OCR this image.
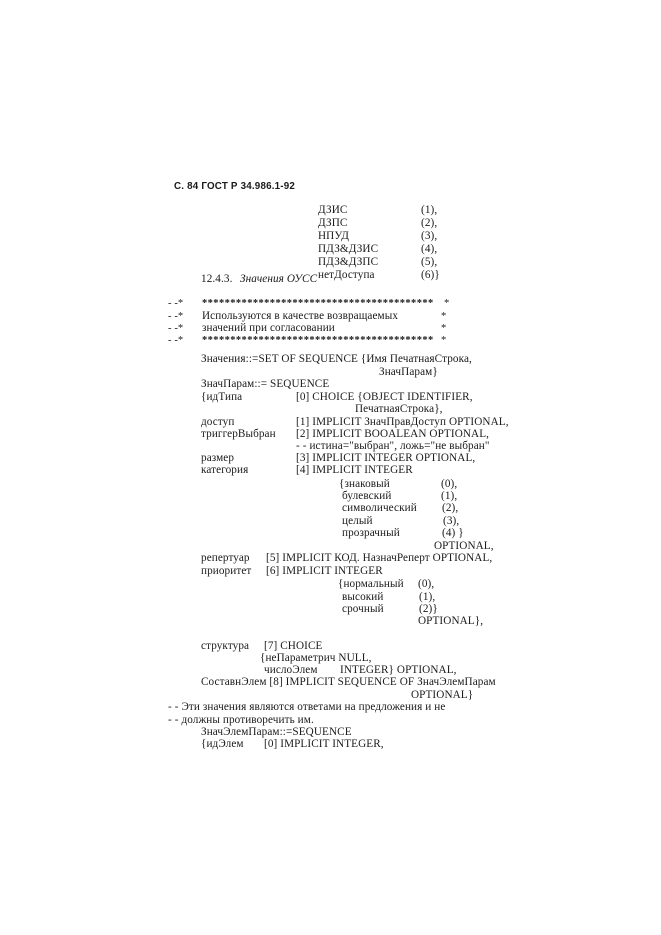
С. 84 ГОСТ Р 34.986.1-92
ДЗИС	(1),
ДЗПС	(2),
НПУД	(3),
ПДЗ&ДЗИС	(4),
ПДЗ&ДЗПС	(5),
нетДоступа	(6)}
12.4.3. Значения ОУСС
- -* ***************************************** *
- -* Используются в качестве возвращаемых	*
- -* значений при согласовании	*
- -* ***************************************** *
Значения::=SET OF SEQUENCE {Имя ПечатнаяСтрока,
ЗначПарам}
ЗначПарам::= SEQUENCE
{идТипа	[0] CHOICE {OBJECT IDENTIFIER,
ПечатнаяСтрока},
доступ	[1] IMPLICIT ЗначПравДоступ OPTIONAL,
триггерВыбран [2] IMPLICIT BOOALEAN OPTIONAL,
- - истина="выбран", ложь="не выбран"
размер	[3] IMPLICIT INTEGER OPTIONAL,
категория	[4] IMPLICIT INTEGER
{знаковый	(0),
булевский	(1),
символический (2),
целый	(3),
прозрачный	(4) }
OPTIONAL,
репертуар [5] IMPLICIT КОД. НазначРеперт OPTIONAL,
приоритет [6] IMPLICIT INTEGER
{нормальный (0),
высокий	(1),
срочный	(2)}
OPTIONAL},
структура [7] CHOICE
{неПараметрич NULL,
числоЭлем INTEGER} OPTIONAL,
СоставнЭлем [8] IMPLICIT SEQUENCE OF ЗначЭлемПарам
OPTIONAL}
- - Эти значения являются ответами на предложения и не
- - должны противоречить им.
ЗначЭлемПарам::=SEQUENCE
{идЭлем [0] IMPLICIT INTEGER,
